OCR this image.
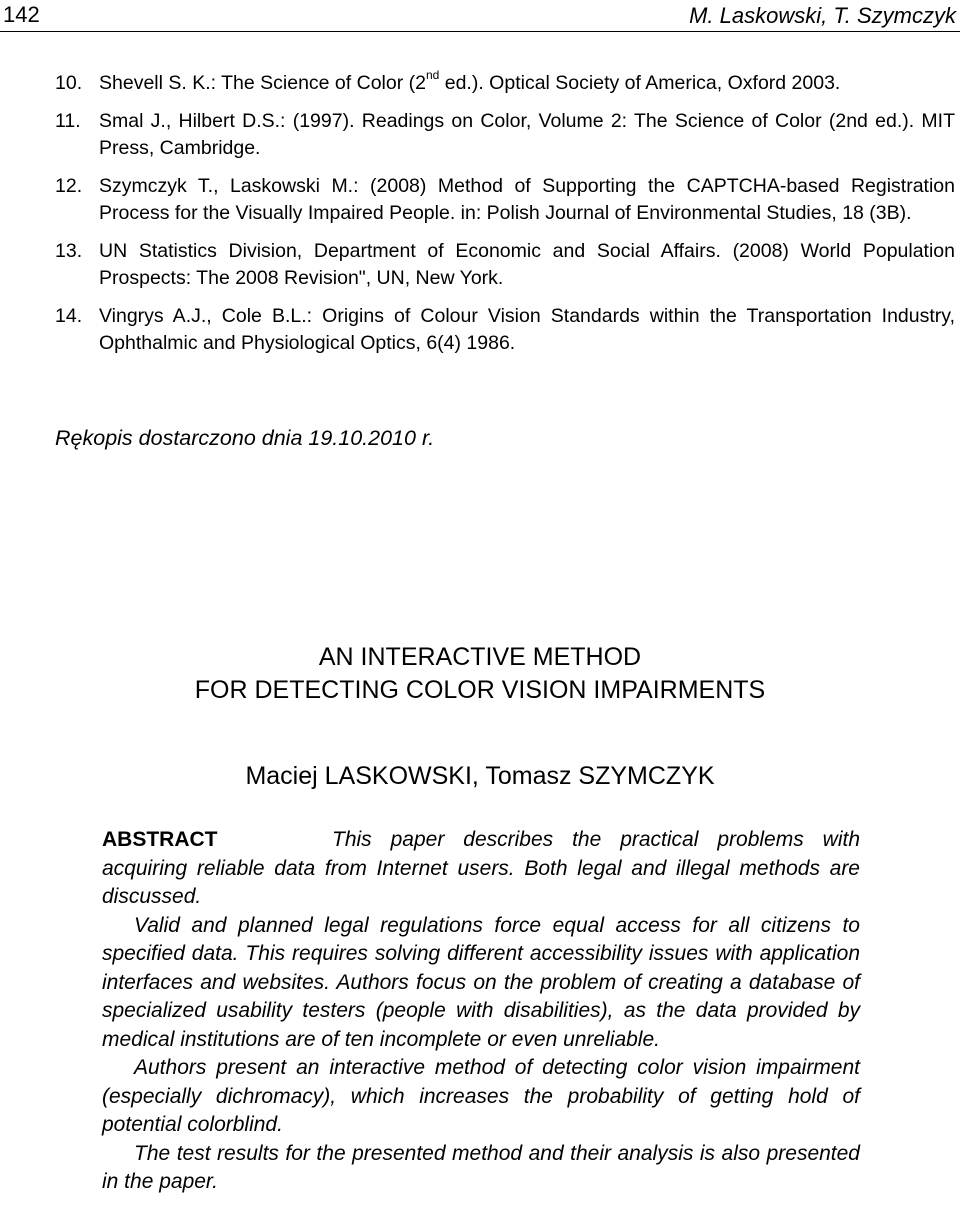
142	M. Laskowski, T. Szymczyk
10. Shevell S. K.: The Science of Color (2nd ed.). Optical Society of America, Oxford 2003.
11. Smal J., Hilbert D.S.: (1997). Readings on Color, Volume 2: The Science of Color (2nd ed.). MIT Press, Cambridge.
12. Szymczyk T., Laskowski M.: (2008) Method of Supporting the CAPTCHA-based Registration Process for the Visually Impaired People. in: Polish Journal of Environmental Studies, 18 (3B).
13. UN Statistics Division, Department of Economic and Social Affairs. (2008) World Population Prospects: The 2008 Revision", UN, New York.
14. Vingrys A.J., Cole B.L.: Origins of Colour Vision Standards within the Transportation Industry, Ophthalmic and Physiological Optics, 6(4) 1986.
Rękopis dostarczono dnia 19.10.2010 r.
AN INTERACTIVE METHOD
FOR DETECTING COLOR VISION IMPAIRMENTS
Maciej LASKOWSKI, Tomasz SZYMCZYK

ABSTRACT	This paper describes the practical problems with acquiring reliable data from Internet users. Both legal and illegal methods are discussed.

Valid and planned legal regulations force equal access for all citizens to specified data. This requires solving different accessibility issues with application interfaces and websites. Authors focus on the problem of creating a database of specialized usability testers (people with disabilities), as the data provided by medical institutions are of ten incomplete or even unreliable.

Authors present an interactive method of detecting color vision impairment (especially dichromacy), which increases the probability of getting hold of potential colorblind.

The test results for the presented method and their analysis is also presented in the paper.
